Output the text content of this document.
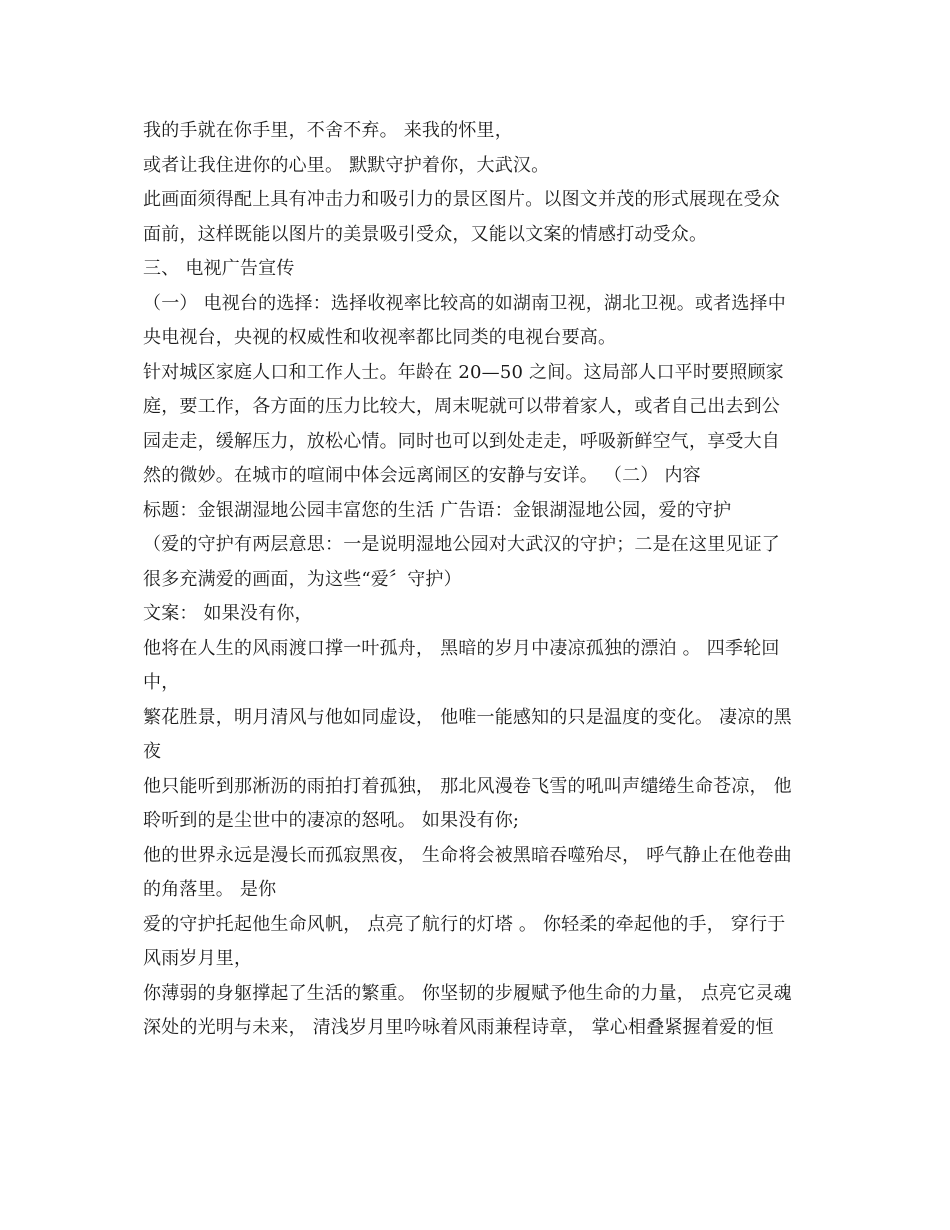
我的手就在你手里，不舍不弃。 来我的怀里，
或者让我住进你的心里。 默默守护着你，大武汉。
此画面须得配上具有冲击力和吸引力的景区图片。以图文并茂的形式展现在受众
面前，这样既能以图片的美景吸引受众，又能以文案的情感打动受众。
三、 电视广告宣传
（一） 电视台的选择：选择收视率比较高的如湖南卫视，湖北卫视。或者选择中
央电视台，央视的权威性和收视率都比同类的电视台要高。
针对城区家庭人口和工作人士。年龄在 20—50 之间。这局部人口平时要照顾家
庭，要工作，各方面的压力比较大，周末呢就可以带着家人，或者自己出去到公
园走走，缓解压力，放松心情。同时也可以到处走走，呼吸新鲜空气，享受大自
然的微妙。在城市的喧闹中体会远离闹区的安静与安详。 （二） 内容
标题：金银湖湿地公园丰富您的生活 广告语：金银湖湿地公园，爱的守护
（爱的守护有两层意思：一是说明湿地公园对大武汉的守护；二是在这里见证了
很多充满爱的画面，为这些“爱〞守护）
文案： 如果没有你，
他将在人生的风雨渡口撑一叶孤舟， 黑暗的岁月中凄凉孤独的漂泊 。 四季轮回
中，
繁花胜景，明月清风与他如同虚设， 他唯一能感知的只是温度的变化。 凄凉的黑
夜
他只能听到那淅沥的雨拍打着孤独， 那北风漫卷飞雪的吼叫声缱绻生命苍凉， 他
聆听到的是尘世中的凄凉的怒吼。 如果没有你;
他的世界永远是漫长而孤寂黑夜， 生命将会被黑暗吞噬殆尽， 呼气静止在他卷曲
的角落里。 是你
爱的守护托起他生命风帆， 点亮了航行的灯塔 。 你轻柔的牵起他的手， 穿行于
风雨岁月里，
你薄弱的身躯撑起了生活的繁重。 你坚韧的步履赋予他生命的力量， 点亮它灵魂
深处的光明与未来， 清浅岁月里吟咏着风雨兼程诗章， 掌心相叠紧握着爱的恒
